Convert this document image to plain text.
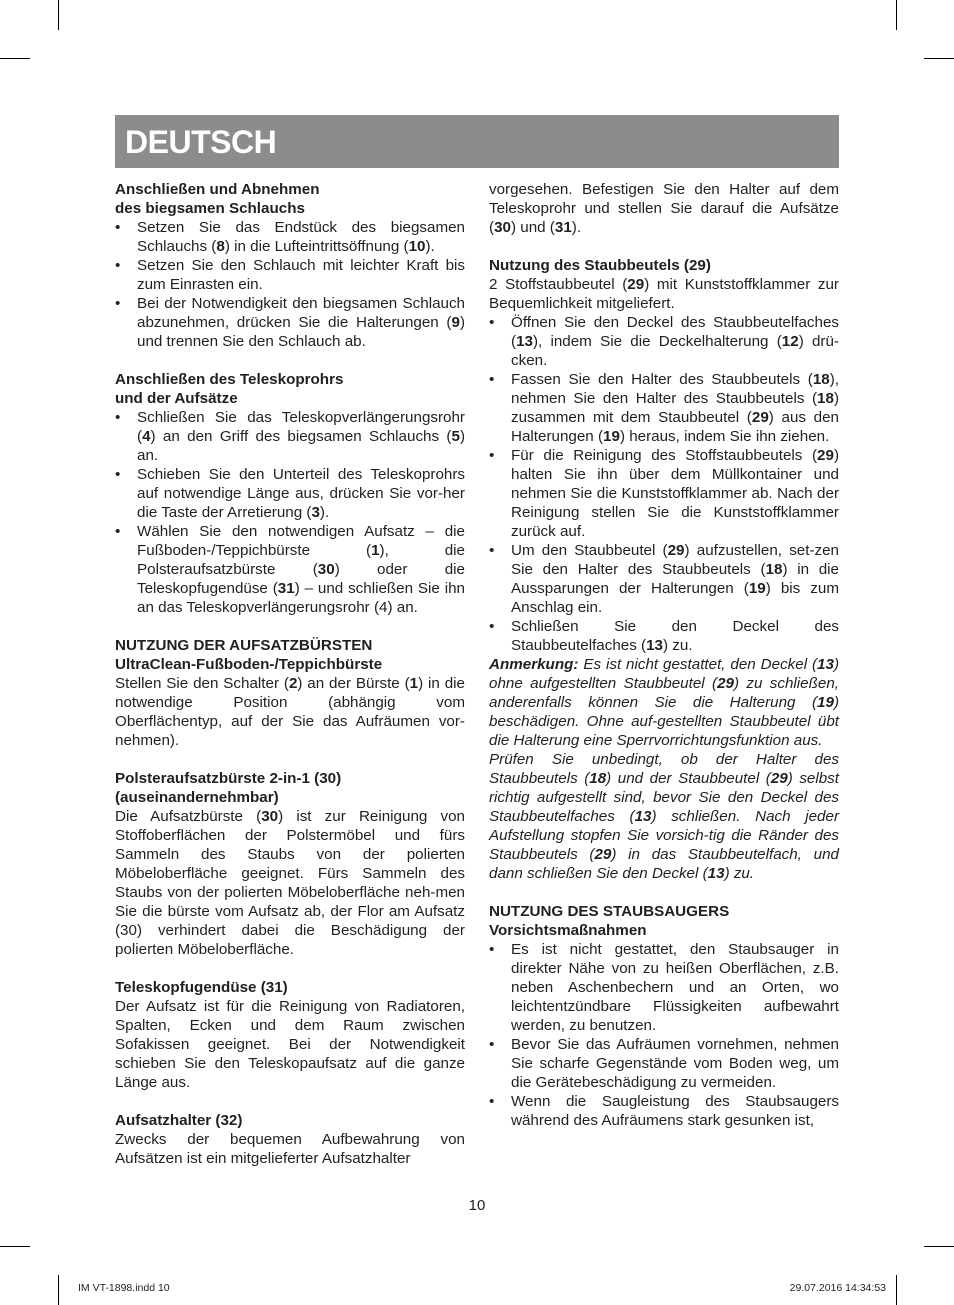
DEUTSCH

Anschließen und Abnehmen

des biegsamen Schlauchs

• Setzen Sie das Endstück des biegsamen Schlauchs (8) in die Lufteintrittsöffnung (10).

• Setzen Sie den Schlauch mit leichter Kraft bis zum Einrasten ein.

• Bei der Notwendigkeit den biegsamen Schlauch abzunehmen, drücken Sie die Halterungen (9) und trennen Sie den Schlauch ab.

Anschließen des Teleskoprohrs

und der Aufsätze

• Schließen Sie das Teleskopverlängerungsrohr (4) an den Griff des biegsamen Schlauchs (5) an.

• Schieben Sie den Unterteil des Teleskoprohrs auf notwendige Länge aus, drücken Sie vor-her die Taste der Arretierung (3).

• Wählen Sie den notwendigen Aufsatz – die Fußboden-/Teppichbürste (1), die Polsteraufsatzbürste (30) oder die Teleskopfugendüse (31) – und schließen Sie ihn an das Teleskopverlängerungsrohr (4) an.

NUTZUNG DER AUFSATZBÜRSTEN

UltraClean-Fußboden-/Teppichbürste

Stellen Sie den Schalter (2) an der Bürste (1) in die notwendige Position (abhängig vom Oberflächentyp, auf der Sie das Aufräumen vor-nehmen).

Polsteraufsatzbürste 2-in-1 (30)

(auseinandernehmbar)

Die Aufsatzbürste (30) ist zur Reinigung von Stoffoberflächen der Polstermöbel und fürs Sammeln des Staubs von der polierten Möbeloberfläche geeignet. Fürs Sammeln des Staubs von der polierten Möbeloberfläche neh-men Sie die bürste vom Aufsatz ab, der Flor am Aufsatz (30) verhindert dabei die Beschädigung der polierten Möbeloberfläche.

Teleskopfugendüse (31)

Der Aufsatz ist für die Reinigung von Radiatoren, Spalten, Ecken und dem Raum zwischen Sofakissen geeignet. Bei der Notwendigkeit schieben Sie den Teleskopaufsatz auf die ganze Länge aus.

Aufsatzhalter (32)

Zwecks der bequemen Aufbewahrung von Aufsätzen ist ein mitgelieferter Aufsatzhalter

vorgesehen. Befestigen Sie den Halter auf dem Teleskoprohr und stellen Sie darauf die Aufsätze (30) und (31).

Nutzung des Staubbeutels (29)

2 Stoffstaubbeutel (29) mit Kunststoffklammer zur Bequemlichkeit mitgeliefert.

• Öffnen Sie den Deckel des Staubbeutelfaches (13), indem Sie die Deckelhalterung (12) drü-cken.

• Fassen Sie den Halter des Staubbeutels (18), nehmen Sie den Halter des Staubbeutels (18) zusammen mit dem Staubbeutel (29) aus den Halterungen (19) heraus, indem Sie ihn ziehen.

• Für die Reinigung des Stoffstaubbeutels (29) halten Sie ihn über dem Müllkontainer und nehmen Sie die Kunststoffklammer ab. Nach der Reinigung stellen Sie die Kunststoffklammer zurück auf.

• Um den Staubbeutel (29) aufzustellen, set-zen Sie den Halter des Staubbeutels (18) in die Aussparungen der Halterungen (19) bis zum Anschlag ein.

• Schließen Sie den Deckel des Staubbeutelfaches (13) zu.

Anmerkung: Es ist nicht gestattet, den Deckel (13) ohne aufgestellten Staubbeutel (29) zu schließen, anderenfalls können Sie die Halterung (19) beschädigen. Ohne auf-gestellten Staubbeutel übt die Halterung eine Sperrvorrichtungsfunktion aus.

Prüfen Sie unbedingt, ob der Halter des Staubbeutels (18) und der Staubbeutel (29) selbst richtig aufgestellt sind, bevor Sie den Deckel des Staubbeutelfaches (13) schließen. Nach jeder Aufstellung stopfen Sie vorsich-tig die Ränder des Staubbeutels (29) in das Staubbeutelfach, und dann schließen Sie den Deckel (13) zu.

NUTZUNG DES STAUBSAUGERS

Vorsichtsmaßnahmen

• Es ist nicht gestattet, den Staubsauger in direkter Nähe von zu heißen Oberflächen, z.B. neben Aschenbechern und an Orten, wo leichtentzündbare Flüssigkeiten aufbewahrt werden, zu benutzen.

• Bevor Sie das Aufräumen vornehmen, nehmen Sie scharfe Gegenstände vom Boden weg, um die Gerätebeschädigung zu vermeiden.

• Wenn die Saugleistung des Staubsaugers während des Aufräumens stark gesunken ist,

10
IM VT-1898.indd 10	29.07.2016 14:34:53
